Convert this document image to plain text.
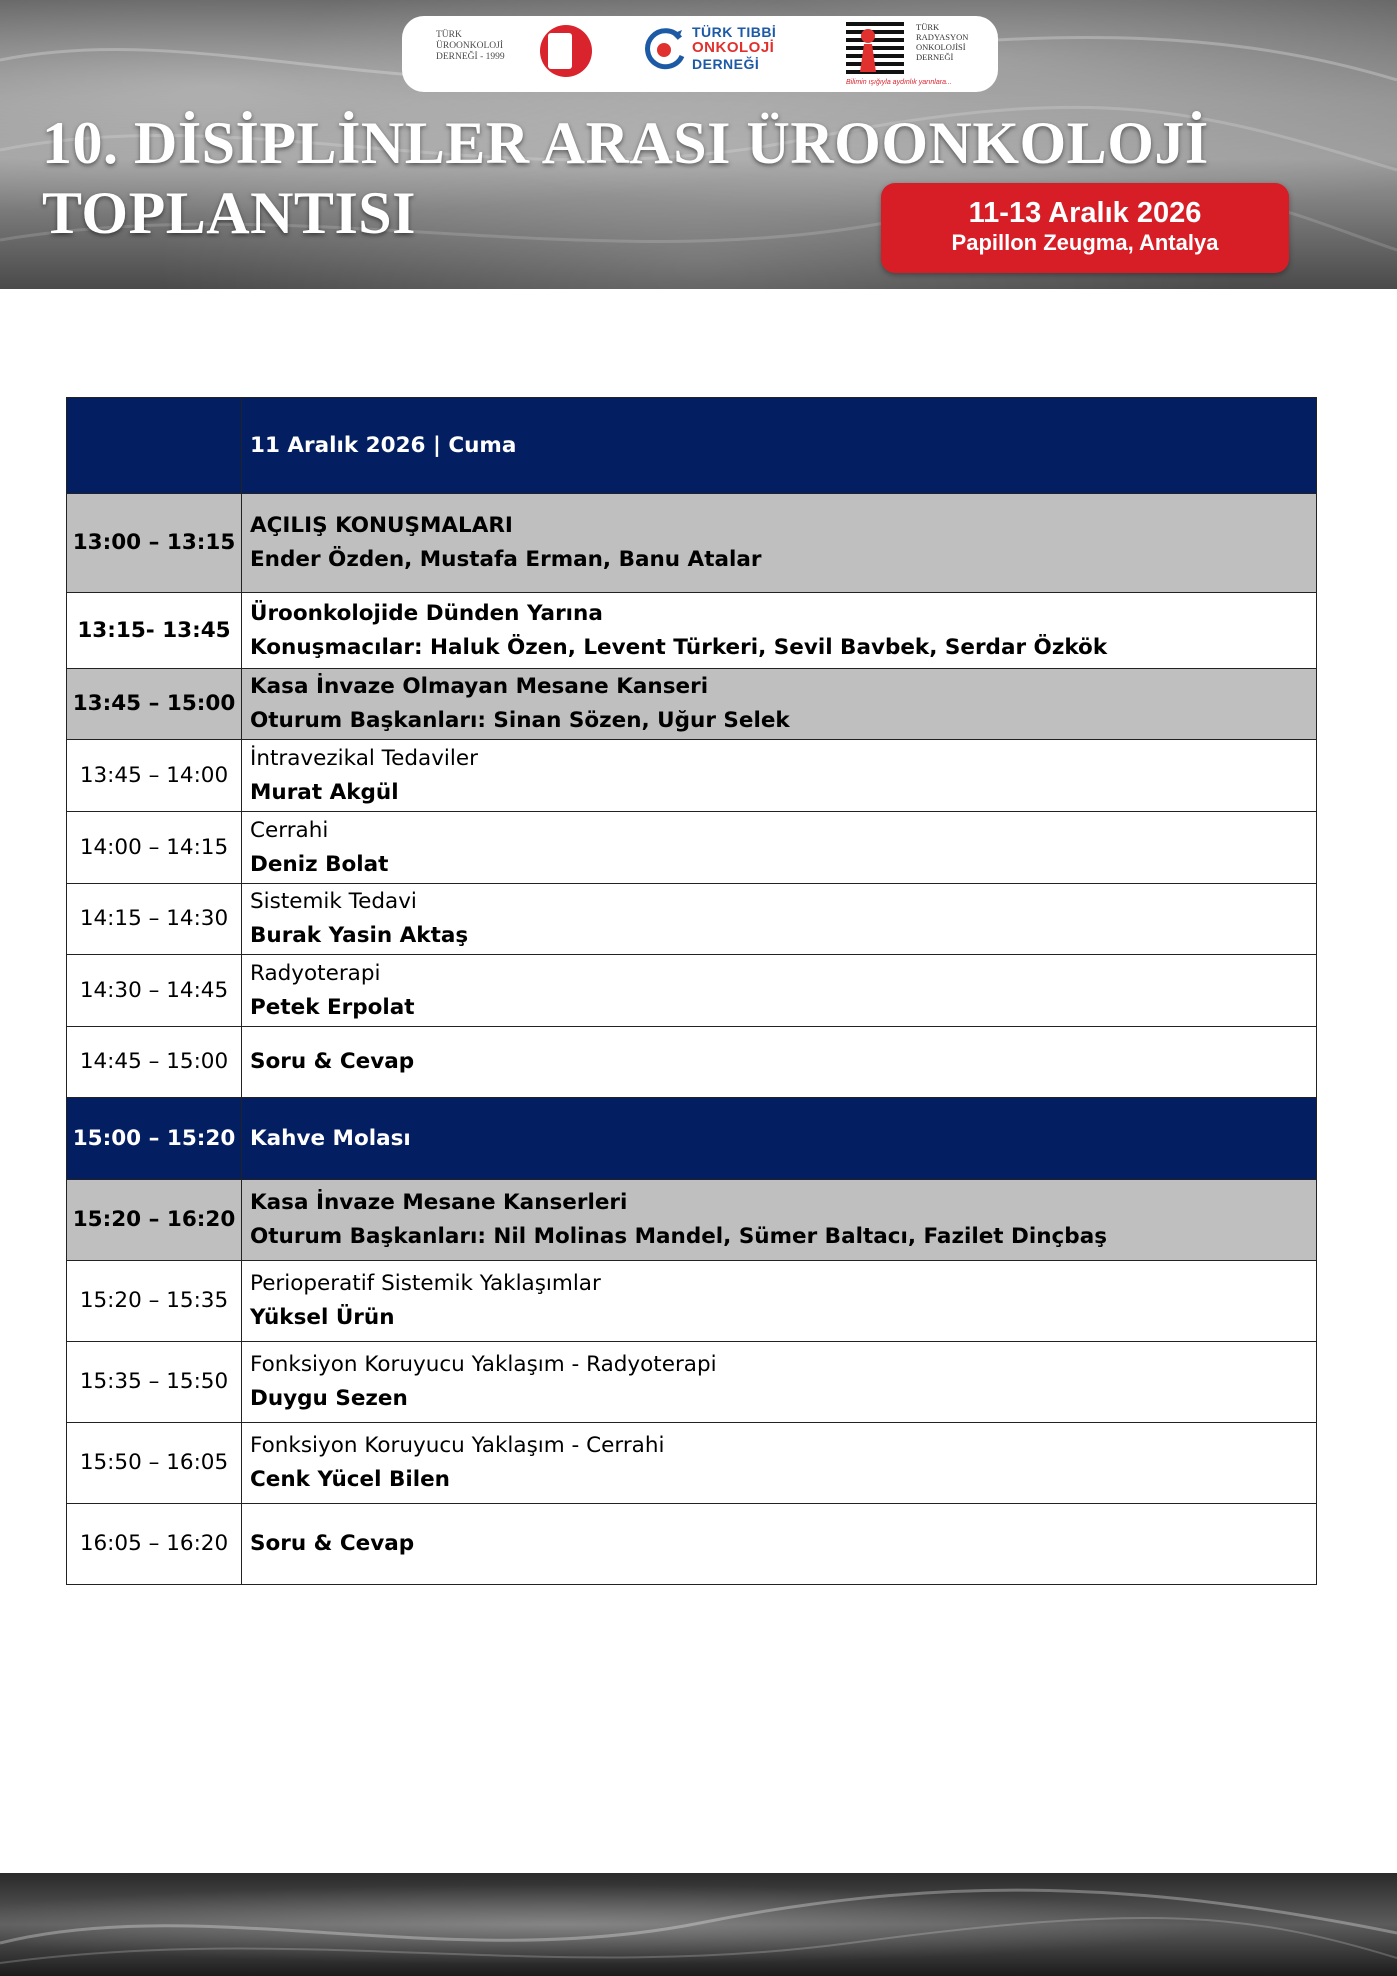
TÜRK
ÜROONKOLOJİ
DERNEĞİ - 1999
TÜRK TIBBİ
ONKOLOJİ
DERNEĞİ
TÜRK
RADYASYON
ONKOLOJİSİ
DERNEĞİ
Bilimin ışığıyla aydınlık yarınlara...
10. DİSİPLİNLER ARASI ÜROONKOLOJİ
TOPLANTISI	11-13 Aralık 2026
Papillon Zeugma, Antalya
	11 Aralık 2026 | Cuma
13:00 – 13:15	AÇILIŞ KONUŞMALARI
Ender Özden, Mustafa Erman, Banu Atalar

13:15- 13:45	Üroonkolojide Dünden Yarına
Konuşmacılar: Haluk Özen, Levent Türkeri, Sevil Bavbek, Serdar Özkök

13:45 – 15:00	Kasa İnvaze Olmayan Mesane Kanseri
Oturum Başkanları: Sinan Sözen, Uğur Selek

13:45 – 14:00	İntravezikal Tedaviler
Murat Akgül

14:00 – 14:15	Cerrahi
Deniz Bolat

14:15 – 14:30	Sistemik Tedavi
Burak Yasin Aktaş

14:30 – 14:45	Radyoterapi
Petek Erpolat

14:45 – 15:00	Soru & Cevap
15:00 – 15:20	Kahve Molası
15:20 – 16:20	Kasa İnvaze Mesane Kanserleri
Oturum Başkanları: Nil Molinas Mandel, Sümer Baltacı, Fazilet Dinçbaş

15:20 – 15:35	Perioperatif Sistemik Yaklaşımlar
Yüksel Ürün

15:35 – 15:50	Fonksiyon Koruyucu Yaklaşım - Radyoterapi
Duygu Sezen

15:50 – 16:05	Fonksiyon Koruyucu Yaklaşım - Cerrahi
Cenk Yücel Bilen

16:05 – 16:20	Soru & Cevap
